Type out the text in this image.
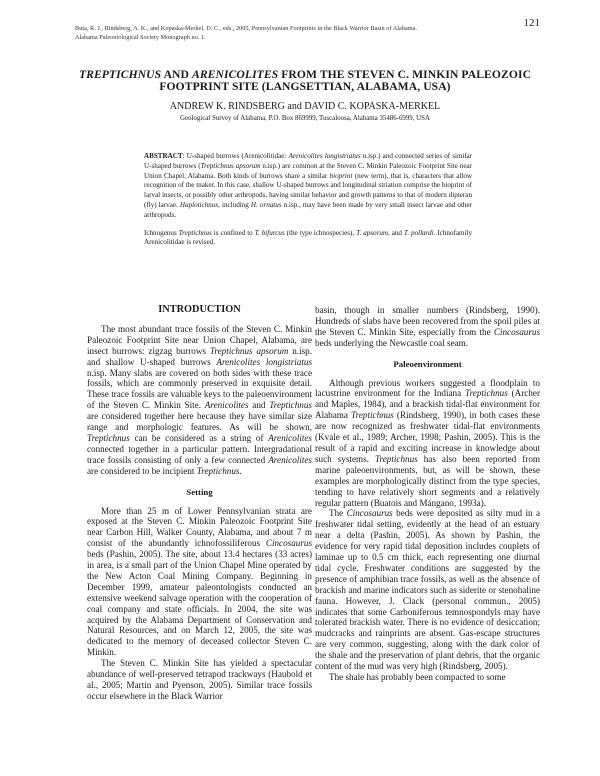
121
Buta, R. J., Rindsberg, A. K., and Kopaska-Merkel, D. C., eds., 2005, Pennsylvanian Footprints in the Black Warrior Basin of Alabama.
Alabama Paleontological Society Monograph no. 1.
TREPTICHNUS AND ARENICOLITES FROM THE STEVEN C. MINKIN PALEOZOIC
FOOTPRINT SITE (LANGSETTIAN, ALABAMA, USA)
ANDREW K. RINDSBERG and DAVID C. KOPASKA-MERKEL
Geological Survey of Alabama, P.O. Box 869999, Tuscaloosa, Alabama 35486-6999, USA

ABSTRACT: U-shaped burrows (Arenicolitidae: Arenicolites longistriatus n.isp.) and connected series of similar U-shaped burrows (Treptichnus apsorum n.isp.) are common at the Steven C. Minkin Paleozoic Footprint Site near Union Chapel, Alabama. Both kinds of burrows share a similar bioprint (new term), that is, characters that allow recognition of the maker. In this case, shallow U-shaped burrows and longitudinal striation comprise the bioprint of larval insects, or possibly other arthropods, having similar behavior and growth patterns to that of modern dipteran (fly) larvae. Haplotichnus, including H. ornatus n.isp., may have been made by very small insect larvae and other arthropods.

Ichnogenus Treptichnus is confined to T. bifurcus (the type ichnospecies), T. apsorum, and T. pollardi. Ichnofamily Arenicolitidae is revised.

INTRODUCTION

The most abundant trace fossils of the Steven C. Minkin Paleozoic Footprint Site near Union Chapel, Alabama, are insect burrows: zigzag burrows Treptichnus apsorum n.isp. and shallow U-shaped burrows Arenicolites longistriatus n.isp. Many slabs are covered on both sides with these trace fossils, which are commonly preserved in exquisite detail. These trace fossils are valuable keys to the paleoenvironment of the Steven C. Minkin Site. Arenicolites and Treptichnus are considered together here because they have similar size range and morphologic features. As will be shown, Treptichnus can be considered as a string of Arenicolites connected together in a particular pattern. Intergradational trace fossils consisting of only a few connected Arenicolites are considered to be incipient Treptichnus.

Setting

More than 25 m of Lower Pennsylvanian strata are exposed at the Steven C. Minkin Paleozoic Footprint Site near Carbon Hill, Walker County, Alabama, and about 7 m consist of the abundantly ichnofossiliferous Cincosaurus beds (Pashin, 2005). The site, about 13.4 hectares (33 acres) in area, is a small part of the Union Chapel Mine operated by the New Acton Coal Mining Company. Beginning in December 1999, amateur paleontologists conducted an extensive weekend salvage operation with the cooperation of coal company and state officials. In 2004, the site was acquired by the Alabama Department of Conservation and Natural Resources, and on March 12, 2005, the site was dedicated to the memory of deceased collector Steven C. Minkin.

The Steven C. Minkin Site has yielded a spectacular abundance of well-preserved tetrapod trackways (Haubold et al., 2005; Martin and Pyenson, 2005). Similar trace fossils occur elsewhere in the Black Warrior

basin, though in smaller numbers (Rindsberg, 1990). Hundreds of slabs have been recovered from the spoil piles at the Steven C. Minkin Site, especially from the Cincosaurus beds underlying the Newcastle coal seam.

Paleoenvironment

Although previous workers suggested a floodplain to lacustrine environment for the Indiana Treptichnus (Archer and Maples, 1984), and a brackish tidal-flat environment for Alabama Treptichnus (Rindsberg, 1990), in both cases these are now recognized as freshwater tidal-flat environments (Kvale et al., 1989; Archer, 1998; Pashin, 2005). This is the result of a rapid and exciting increase in knowledge about such systems. Treptichnus has also been reported from marine paleoenvironments, but, as will be shown, these examples are morphologically distinct from the type species, tending to have relatively short segments and a relatively regular pattern (Buatois and Mángano, 1993a).

The Cincosaurus beds were deposited as silty mud in a freshwater tidal setting, evidently at the head of an estuary near a delta (Pashin, 2005). As shown by Pashin, the evidence for very rapid tidal deposition includes couplets of laminae up to 0.5 cm thick, each representing one diurnal tidal cycle. Freshwater conditions are suggested by the presence of amphibian trace fossils, as well as the absence of brackish and marine indicators such as siderite or stenohaline fauna. However, J. Clack (personal commun., 2005) indicates that some Carboniferous temnospondyls may have tolerated brackish water. There is no evidence of desiccation; mudcracks and rainprints are absent. Gas-escape structures are very common, suggesting, along with the dark color of the shale and the preservation of plant debris, that the organic content of the mud was very high (Rindsberg, 2005).

The shale has probably been compacted to some
